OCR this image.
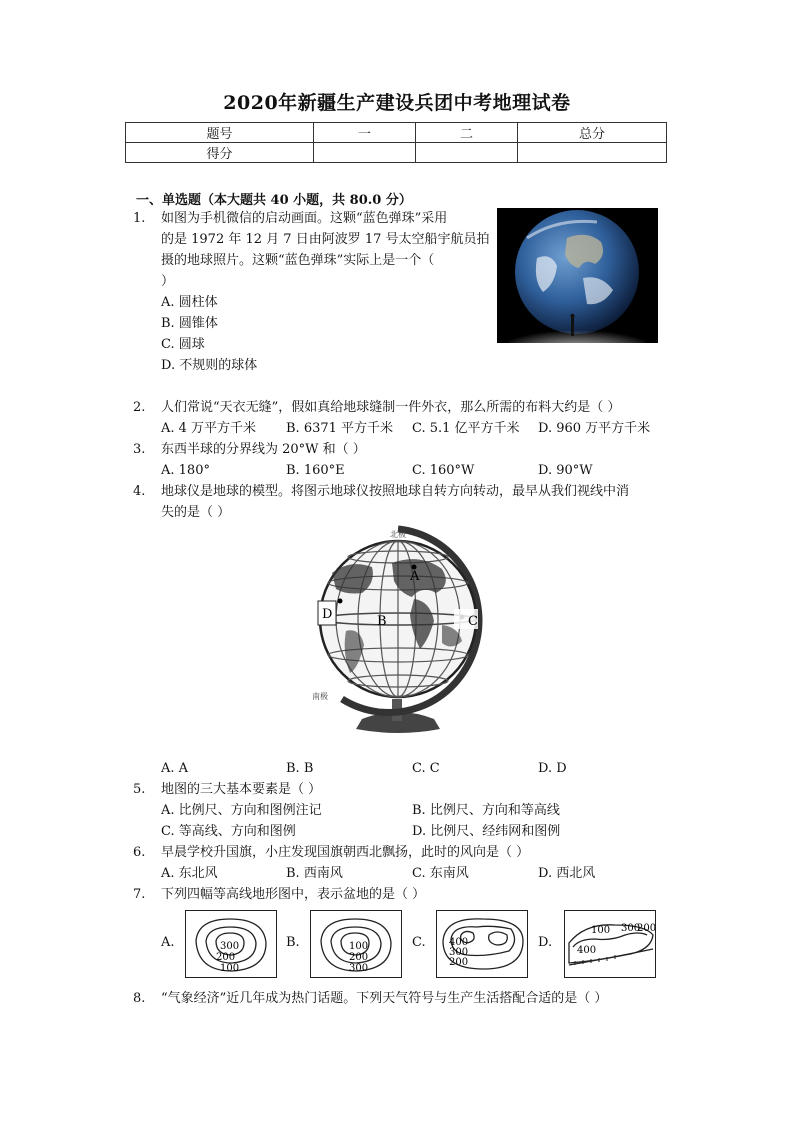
2020年新疆生产建设兵团中考地理试卷
题号	一	二	总分
得分			
一、单选题（本大题共 40 小题，共 80.0 分）
1. 如图为手机微信的启动画面。这颗“蓝色弹珠”采用
的是 1972 年 12 月 7 日由阿波罗 17 号太空船宇航员拍
摄的地球照片。这颗“蓝色弹珠”实际上是一个（
）
A. 圆柱体
B. 圆锥体
C. 圆球
D. 不规则的球体
2. 人们常说“天衣无缝”，假如真给地球缝制一件外衣，那么所需的布料大约是（ ）
A. 4 万平方千米 B. 6371 平方千米 C. 5.1 亿平方千米 D. 960 万平方千米
3. 东西半球的分界线为 20°W 和（ ）
A. 180°	B. 160°E	C. 160°W	D. 90°W
4. 地球仪是地球的模型。将图示地球仪按照地球自转方向转动，最早从我们视线中消
失的是（ ）
A
B	C
D
北极
南极
A. A	B. B	C. C	D. D
5. 地图的三大基本要素是（ ）
A. 比例尺、方向和图例注记	B. 比例尺、方向和等高线
C. 等高线、方向和图例	D. 比例尺、经纬网和图例
6. 早晨学校升国旗，小庄发现国旗朝西北飘扬，此时的风向是（ ）
A. 东北风	B. 西南风	C. 东南风	D. 西北风
7. 下列四幅等高线地形图中，表示盆地的是（ ）
A.	300
200
100
B.	100
200
300
C. 400
300
200
D.
100 300
200
400
8. “气象经济”近几年成为热门话题。下列天气符号与生产生活搭配合适的是（ ）
